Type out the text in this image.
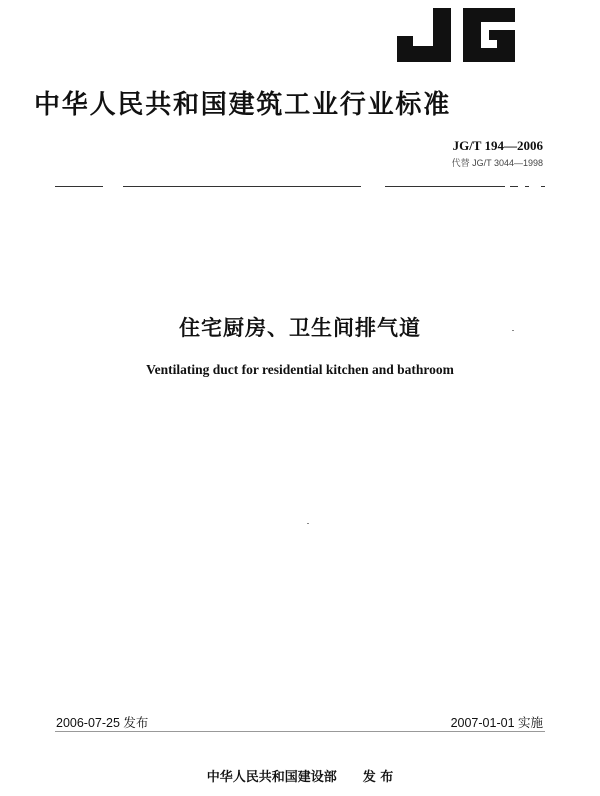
中华人民共和国建筑工业行业标准
JG/T 194—2006
代替 JG/T 3044—1998
住宅厨房、卫生间排气道
Ventilating duct for residential kitchen and bathroom
2006-07-25 发布	2007-01-01 实施
中华人民共和国建设部 发 布
